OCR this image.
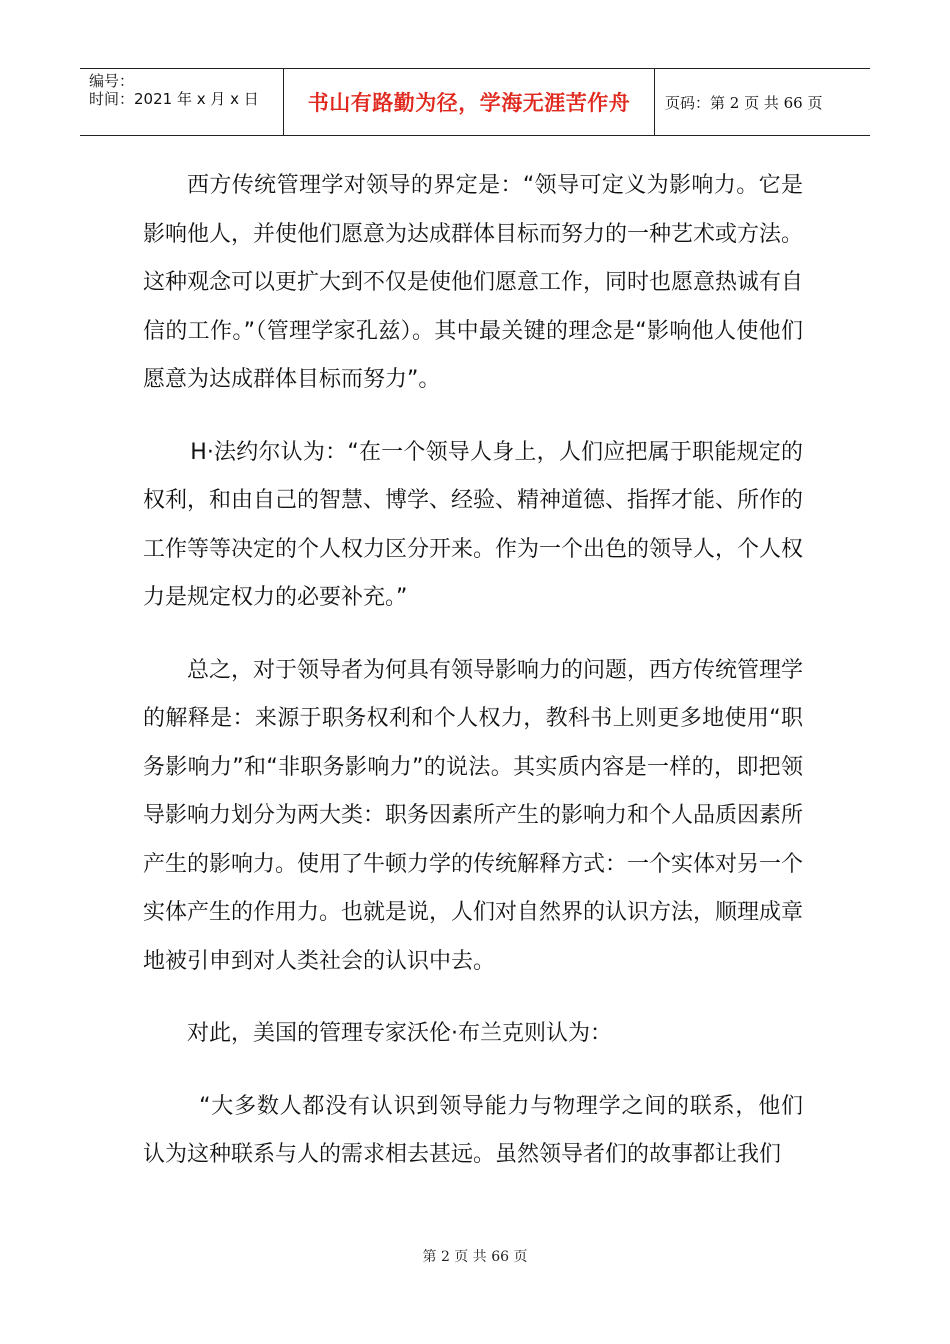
编号：
时间：2021 年 x 月 x 日	书山有路勤为径，学海无涯苦作舟 页码：第 2 页 共 66 页

西方传统管理学对领导的界定是：“领导可定义为影响力。它是影响他人，并使他们愿意为达成群体目标而努力的一种艺术或方法。这种观念可以更扩大到不仅是使他们愿意工作，同时也愿意热诚有自信的工作。”（管理学家孔兹）。其中最关键的理念是“影响他人使他们愿意为达成群体目标而努力”。

H·法约尔认为：“在一个领导人身上，人们应把属于职能规定的权利，和由自己的智慧、博学、经验、精神道德、指挥才能、所作的工作等等决定的个人权力区分开来。作为一个出色的领导人，个人权力是规定权力的必要补充。”

总之，对于领导者为何具有领导影响力的问题，西方传统管理学的解释是：来源于职务权利和个人权力，教科书上则更多地使用“职务影响力”和“非职务影响力”的说法。其实质内容是一样的，即把领导影响力划分为两大类：职务因素所产生的影响力和个人品质因素所产生的影响力。使用了牛顿力学的传统解释方式：一个实体对另一个实体产生的作用力。也就是说，人们对自然界的认识方法，顺理成章地被引申到对人类社会的认识中去。

对此，美国的管理专家沃伦·布兰克则认为：

“大多数人都没有认识到领导能力与物理学之间的联系，他们认为这种联系与人的需求相去甚远。虽然领导者们的故事都让我们

第 2 页 共 66 页
